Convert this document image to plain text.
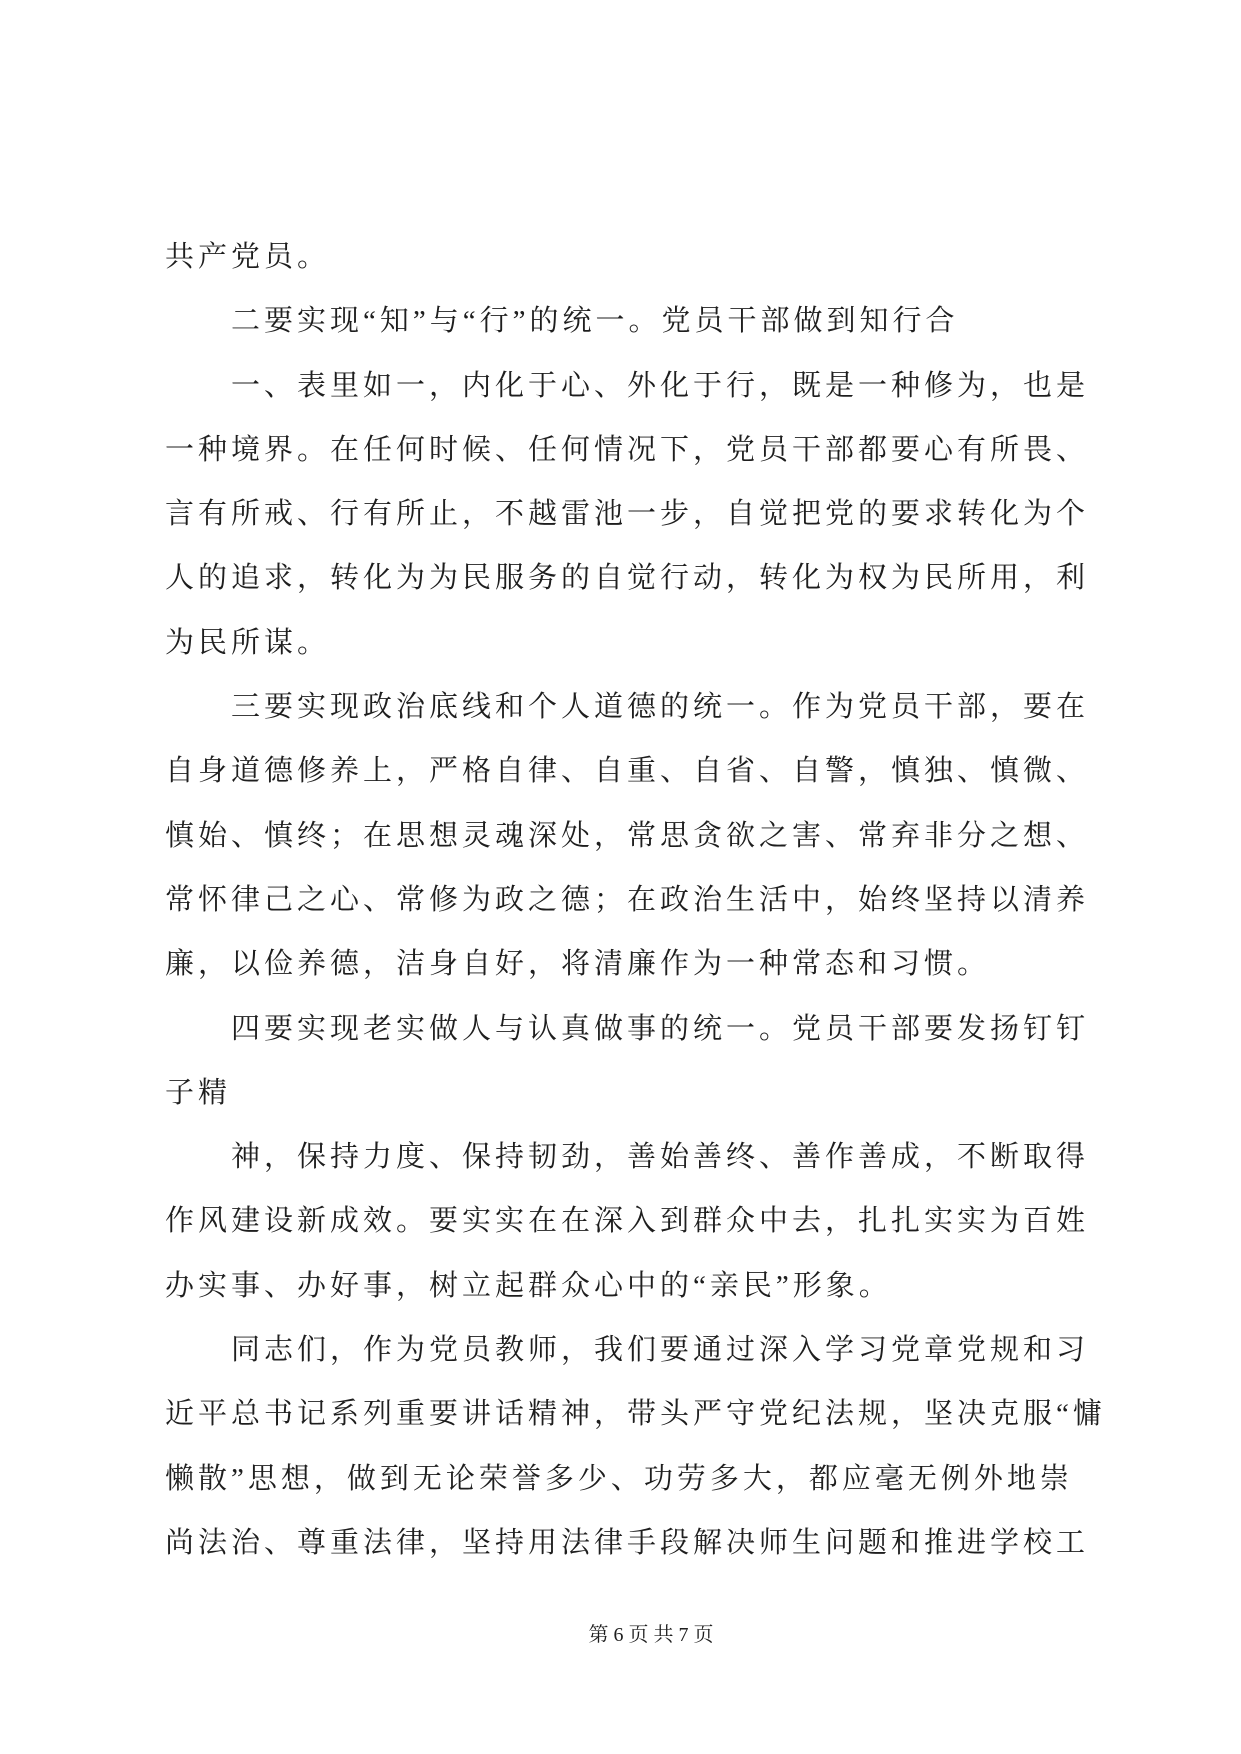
共产党员。

二要实现“知”与“行”的统一。党员干部做到知行合

一、表里如一，内化于心、外化于行，既是一种修为，也是
一种境界。在任何时候、任何情况下，党员干部都要心有所畏、
言有所戒、行有所止，不越雷池一步，自觉把党的要求转化为个
人的追求，转化为为民服务的自觉行动，转化为权为民所用，利
为民所谋。

三要实现政治底线和个人道德的统一。作为党员干部，要在
自身道德修养上，严格自律、自重、自省、自警，慎独、慎微、
慎始、慎终；在思想灵魂深处，常思贪欲之害、常弃非分之想、
常怀律己之心、常修为政之德；在政治生活中，始终坚持以清养
廉，以俭养德，洁身自好，将清廉作为一种常态和习惯。

四要实现老实做人与认真做事的统一。党员干部要发扬钉钉
子精

神，保持力度、保持韧劲，善始善终、善作善成，不断取得
作风建设新成效。要实实在在深入到群众中去，扎扎实实为百姓
办实事、办好事，树立起群众心中的“亲民”形象。

同志们，作为党员教师，我们要通过深入学习党章党规和习
近平总书记系列重要讲话精神，带头严守党纪法规，坚决克服“慵
懒散”思想，做到无论荣誉多少、功劳多大，都应毫无例外地崇
尚法治、尊重法律，坚持用法律手段解决师生问题和推进学校工

第 6 页 共 7 页
